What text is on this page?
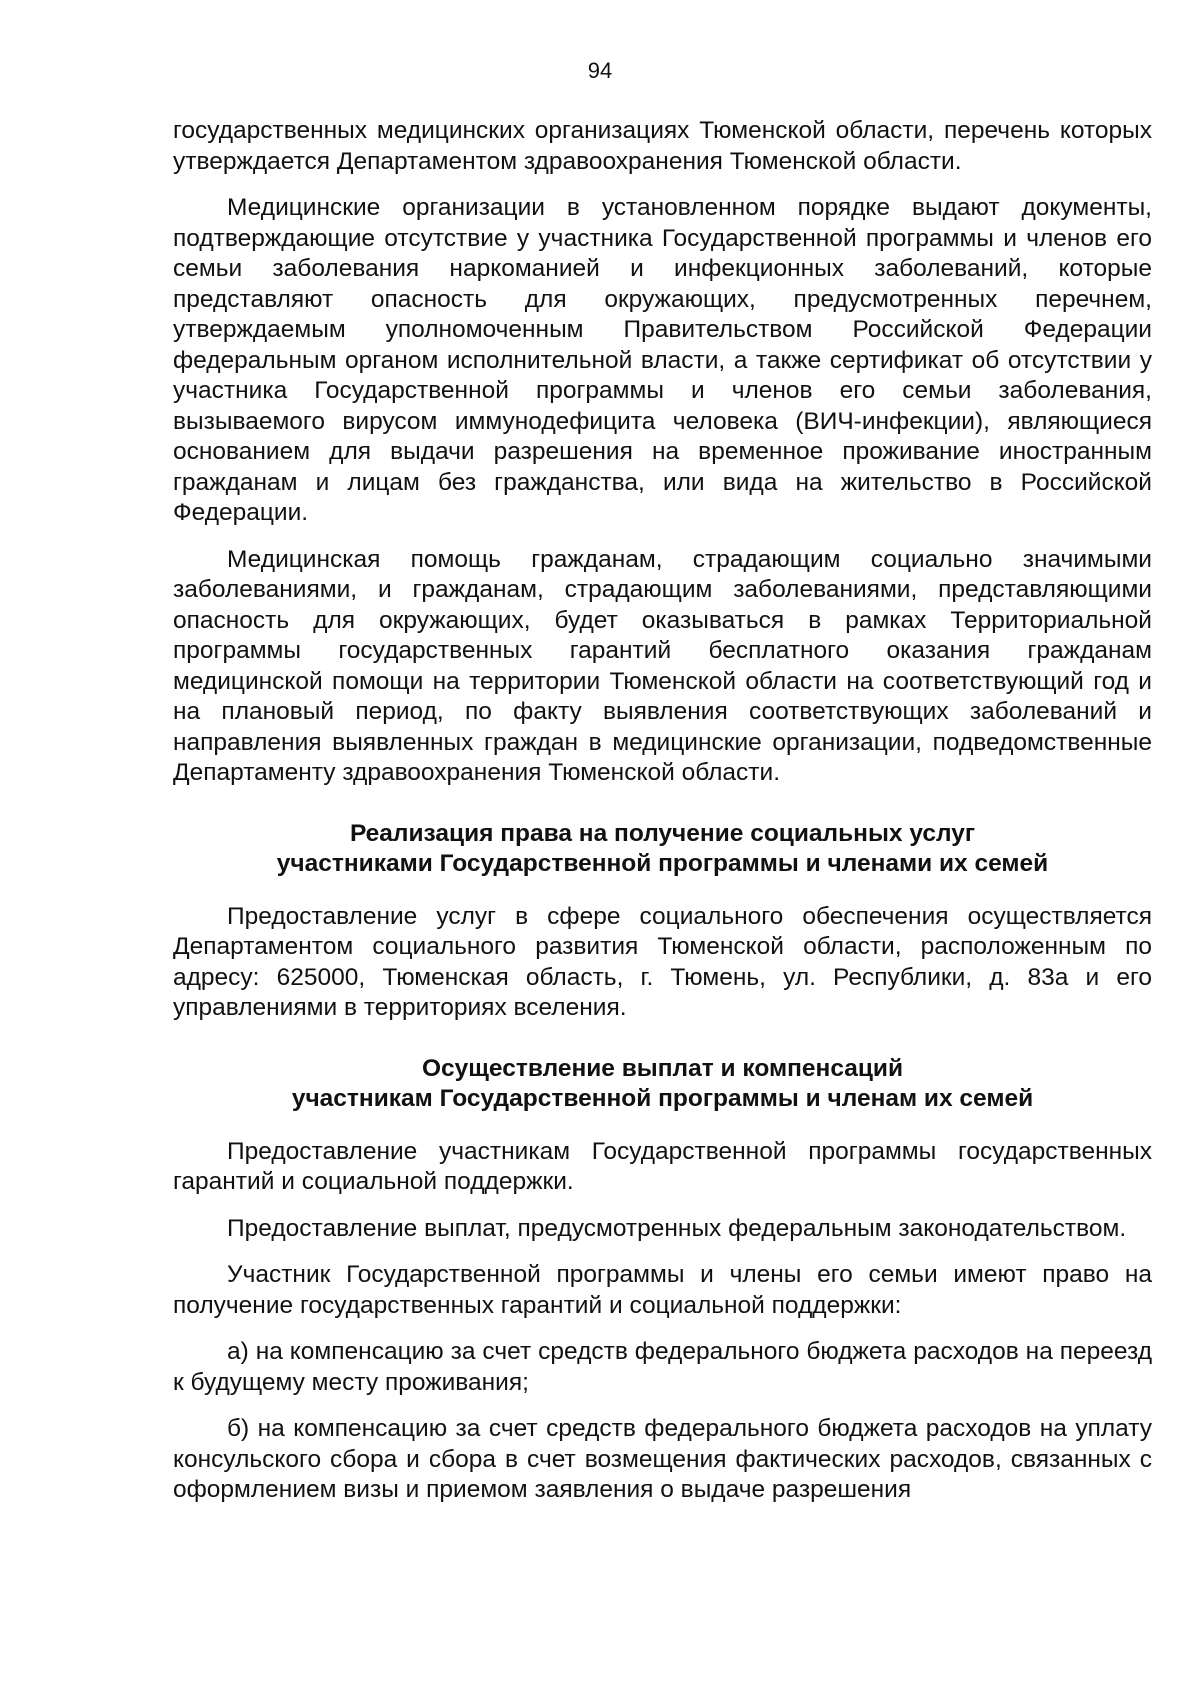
94

государственных медицинских организациях Тюменской области, перечень которых утверждается Департаментом здравоохранения Тюменской области.

Медицинские организации в установленном порядке выдают документы, подтверждающие отсутствие у участника Государственной программы и членов его семьи заболевания наркоманией и инфекционных заболеваний, которые представляют опасность для окружающих, предусмотренных перечнем, утверждаемым уполномоченным Правительством Российской Федерации федеральным органом исполнительной власти, а также сертификат об отсутствии у участника Государственной программы и членов его семьи заболевания, вызываемого вирусом иммунодефицита человека (ВИЧ-инфекции), являющиеся основанием для выдачи разрешения на временное проживание иностранным гражданам и лицам без гражданства, или вида на жительство в Российской Федерации.

Медицинская помощь гражданам, страдающим социально значимыми заболеваниями, и гражданам, страдающим заболеваниями, представляющими опасность для окружающих, будет оказываться в рамках Территориальной программы государственных гарантий бесплатного оказания гражданам медицинской помощи на территории Тюменской области на соответствующий год и на плановый период, по факту выявления соответствующих заболеваний и направления выявленных граждан в медицинские организации, подведомственные Департаменту здравоохранения Тюменской области.

Реализация права на получение социальных услуг
участниками Государственной программы и членами их семей

Предоставление услуг в сфере социального обеспечения осуществляется Департаментом социального развития Тюменской области, расположенным по адресу: 625000, Тюменская область, г. Тюмень, ул. Республики, д. 83а и его управлениями в территориях вселения.

Осуществление выплат и компенсаций
участникам Государственной программы и членам их семей

Предоставление участникам Государственной программы государственных гарантий и социальной поддержки.

Предоставление выплат, предусмотренных федеральным законодательством.

Участник Государственной программы и члены его семьи имеют право на получение государственных гарантий и социальной поддержки:

а) на компенсацию за счет средств федерального бюджета расходов на переезд к будущему месту проживания;

б) на компенсацию за счет средств федерального бюджета расходов на уплату консульского сбора и сбора в счет возмещения фактических расходов, связанных с оформлением визы и приемом заявления о выдаче разрешения
